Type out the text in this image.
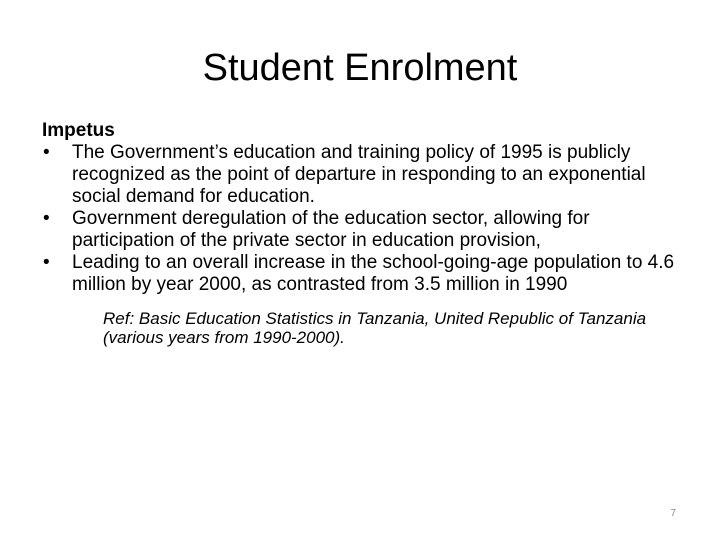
Student Enrolment
Impetus
• The Government’s education and training policy of 1995 is publicly recognized as the point of departure in responding to an exponential social demand for education.
• Government deregulation of the education sector, allowing for participation of the private sector in education provision,
• Leading to an overall increase in the school-going-age population to 4.6 million by year 2000, as contrasted from 3.5 million in 1990
Ref: Basic Education Statistics in Tanzania, United Republic of Tanzania (various years from 1990-2000).
7
